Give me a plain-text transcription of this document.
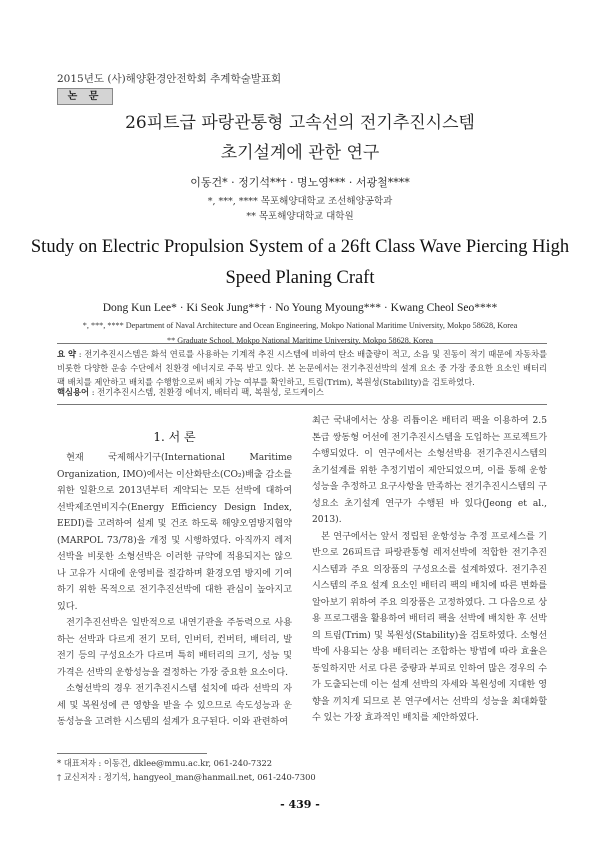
2015년도 (사)해양환경안전학회 추계학술발표회
논 문
26피트급 파랑관통형 고속선의 전기추진시스템
초기설계에 관한 연구
이동건* · 정기석**† · 명노영*** · 서광철****
*, ***, **** 목포해양대학교 조선해양공학과
** 목포해양대학교 대학원
Study on Electric Propulsion System of a 26ft Class Wave Piercing High
Speed Planing Craft
Dong Kun Lee* · Ki Seok Jung**† · No Young Myoung*** · Kwang Cheol Seo****
*, ***, **** Department of Naval Architecture and Ocean Engineering, Mokpo National Maritime University, Mokpo 58628, Korea
** Graduate School, Mokpo National Maritime University, Mokpo 58628, Korea
요 약 : 전기추진시스템은 화석 연료를 사용하는 기계적 추진 시스템에 비하여 탄소 배출량이 적고, 소음 및 진동이 적기 때문에 자동차를 비롯한 다양한 운송 수단에서 친환경 에너지로 주목 받고 있다. 본 논문에서는 전기추진선박의 설계 요소 중 가장 중요한 요소인 배터리 팩 배치를 제안하고 배치를 수행함으로써 배치 가능 여부를 확인하고, 트림(Trim), 복원성(Stability)을 검토하였다.
핵심용어 : 전기추진시스템, 친환경 에너지, 배터리 팩, 복원성, 로드케이스
1. 서 론

현재 국제해사기구(International Maritime Organization, IMO)에서는 이산화탄소(CO₂)배출 감소를 위한 일환으로 2013년부터 계약되는 모든 선박에 대하여 선박제조연비지수(Energy Efficiency Design Index, EEDI)를 고려하여 설계 및 건조 하도록 해양오염방지협약(MARPOL 73/78)을 개정 및 시행하였다. 아직까지 레저선박을 비롯한 소형선박은 이러한 규약에 적용되지는 않으나 고유가 시대에 운영비를 절감하며 환경오염 방지에 기여하기 위한 목적으로 전기추진선박에 대한 관심이 높아지고 있다.

전기추진선박은 일반적으로 내연기관을 주동력으로 사용하는 선박과 다르게 전기 모터, 인버터, 컨버터, 배터리, 발전기 등의 구성요소가 다르며 특히 배터리의 크기, 성능 및 가격은 선박의 운항성능을 결정하는 가장 중요한 요소이다.

소형선박의 경우 전기추진시스템 설치에 따라 선박의 자세 및 복원성에 큰 영향을 받을 수 있으므로 속도성능과 운동성능을 고려한 시스템의 설계가 요구된다. 이와 관련하여

최근 국내에서는 상용 리튬이온 배터리 팩을 이용하여 2.5톤급 쌍동형 어선에 전기추진시스템을 도입하는 프로젝트가 수행되었다. 이 연구에서는 소형선박용 전기추진시스템의 초기설계를 위한 추정기법이 제안되었으며, 이를 통해 운항성능을 추정하고 요구사항을 만족하는 전기추진시스템의 구성요소 초기설계 연구가 수행된 바 있다(Jeong et al., 2013).

본 연구에서는 앞서 정립된 운항성능 추정 프로세스를 기반으로 26피트급 파랑관통형 레저선박에 적합한 전기추진시스템과 주요 의장품의 구성요소를 설계하였다. 전기추진시스템의 주요 설계 요소인 배터리 팩의 배치에 따른 변화를 알아보기 위하여 주요 의장품은 고정하였다. 그 다음으로 상용 프로그램을 활용하여 배터리 팩을 선박에 배치한 후 선박의 트림(Trim) 및 복원성(Stability)을 검토하였다. 소형선박에 사용되는 상용 배터리는 조합하는 방법에 따라 효율은 동일하지만 서로 다른 중량과 부피로 인하여 많은 경우의 수가 도출되는데 이는 설계 선박의 자세와 복원성에 지대한 영향을 끼치게 되므로 본 연구에서는 선박의 성능을 최대화할 수 있는 가장 효과적인 배치를 제안하였다.

* 대표저자 : 이동건, dklee@mmu.ac.kr, 061-240-7322
† 교신저자 : 정기석, hangyeol_man@hanmail.net, 061-240-7300
- 439 -
